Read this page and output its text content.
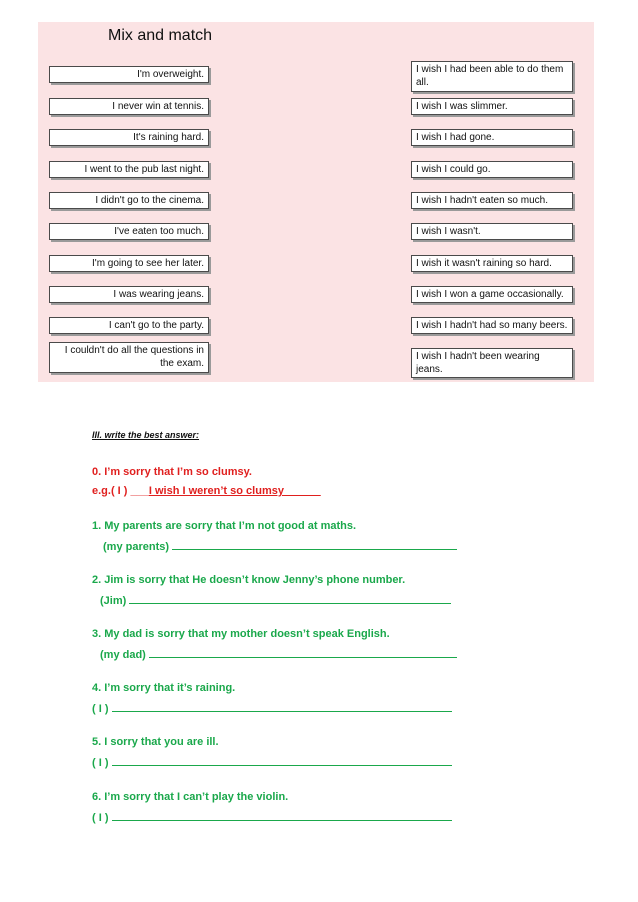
Mix and match
I'm overweight.
I never win at tennis.
It's raining hard.
I went to the pub last night.
I didn't go to the cinema.
I've eaten too much.
I'm going to see her later.
I was wearing jeans.
I can't go to the party.
I couldn't do all the questions in the exam.
I wish I had been able to do them all.
I wish I was slimmer.
I wish I had gone.
I wish I could go.
I wish I hadn't eaten so much.
I wish I wasn't.
I wish it wasn't raining so hard.
I wish I won a game occasionally.
I wish I hadn't had so many beers.
I wish I hadn't been wearing jeans.
III. write the best answer:
0. I’m sorry that I’m so clumsy.
e.g.( I ) ___I wish I weren’t so clumsy______
1. My parents are sorry that I’m not good at maths.
(my parents)
2. Jim is sorry that He doesn’t know Jenny’s phone number.
(Jim)
3. My dad is sorry that my mother doesn’t speak English.
(my dad)
4. I’m sorry that it’s raining.
( I )
5. I sorry that you are ill.
( I )
6. I’m sorry that I can’t play the violin.
( I )
